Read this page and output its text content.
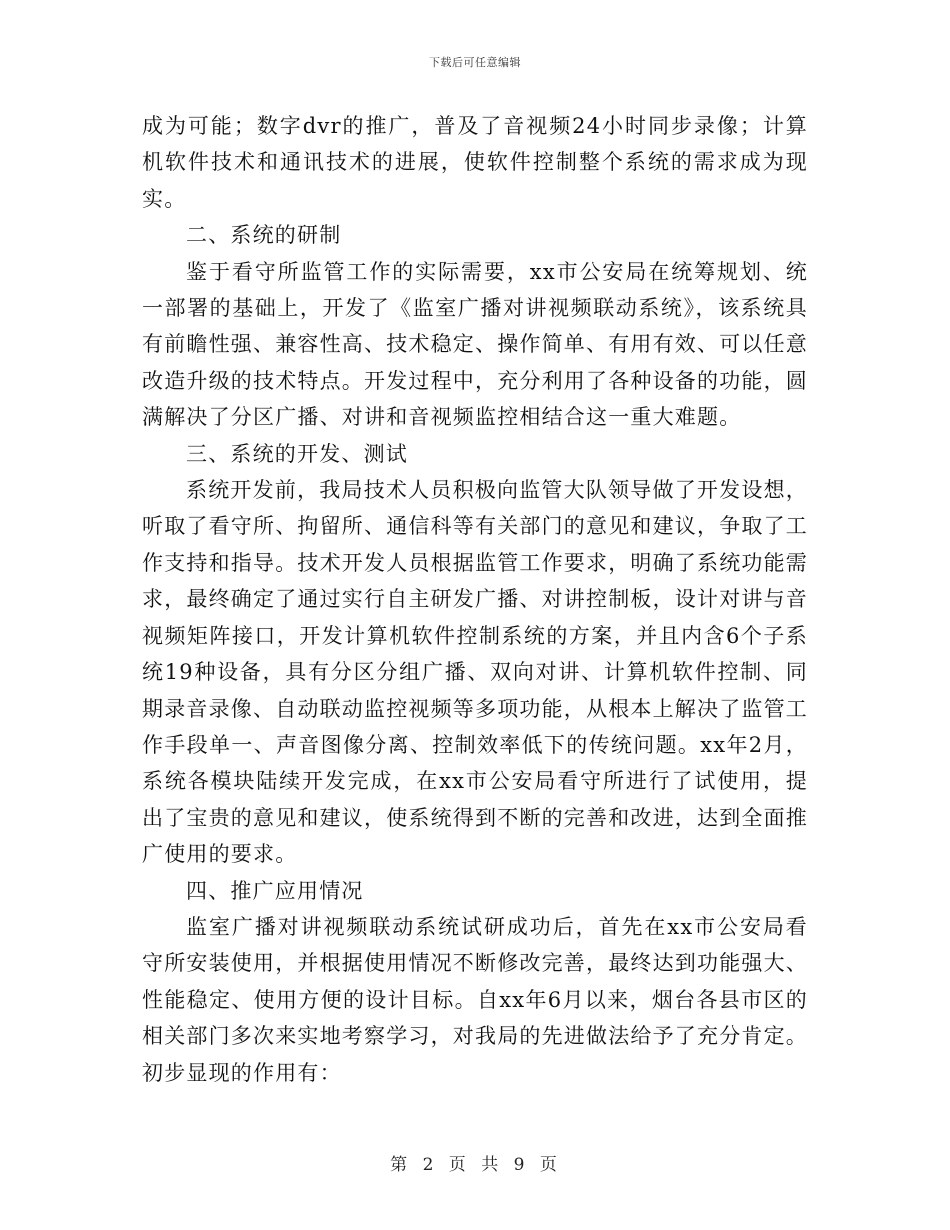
下载后可任意编辑

成为可能；数字dvr的推广，普及了音视频24小时同步录像；计算机软件技术和通讯技术的进展，使软件控制整个系统的需求成为现实。

二、系统的研制

鉴于看守所监管工作的实际需要，xx市公安局在统筹规划、统一部署的基础上，开发了《监室广播对讲视频联动系统》，该系统具有前瞻性强、兼容性高、技术稳定、操作简单、有用有效、可以任意改造升级的技术特点。开发过程中，充分利用了各种设备的功能，圆满解决了分区广播、对讲和音视频监控相结合这一重大难题。

三、系统的开发、测试

系统开发前，我局技术人员积极向监管大队领导做了开发设想，听取了看守所、拘留所、通信科等有关部门的意见和建议，争取了工作支持和指导。技术开发人员根据监管工作要求，明确了系统功能需求，最终确定了通过实行自主研发广播、对讲控制板，设计对讲与音视频矩阵接口，开发计算机软件控制系统的方案，并且内含6个子系统19种设备，具有分区分组广播、双向对讲、计算机软件控制、同期录音录像、自动联动监控视频等多项功能，从根本上解决了监管工作手段单一、声音图像分离、控制效率低下的传统问题。xx年2月，系统各模块陆续开发完成，在xx市公安局看守所进行了试使用，提出了宝贵的意见和建议，使系统得到不断的完善和改进，达到全面推广使用的要求。

四、推广应用情况

监室广播对讲视频联动系统试研成功后，首先在xx市公安局看守所安装使用，并根据使用情况不断修改完善，最终达到功能强大、性能稳定、使用方便的设计目标。自xx年6月以来，烟台各县市区的相关部门多次来实地考察学习，对我局的先进做法给予了充分肯定。初步显现的作用有：

第 2 页 共 9 页
